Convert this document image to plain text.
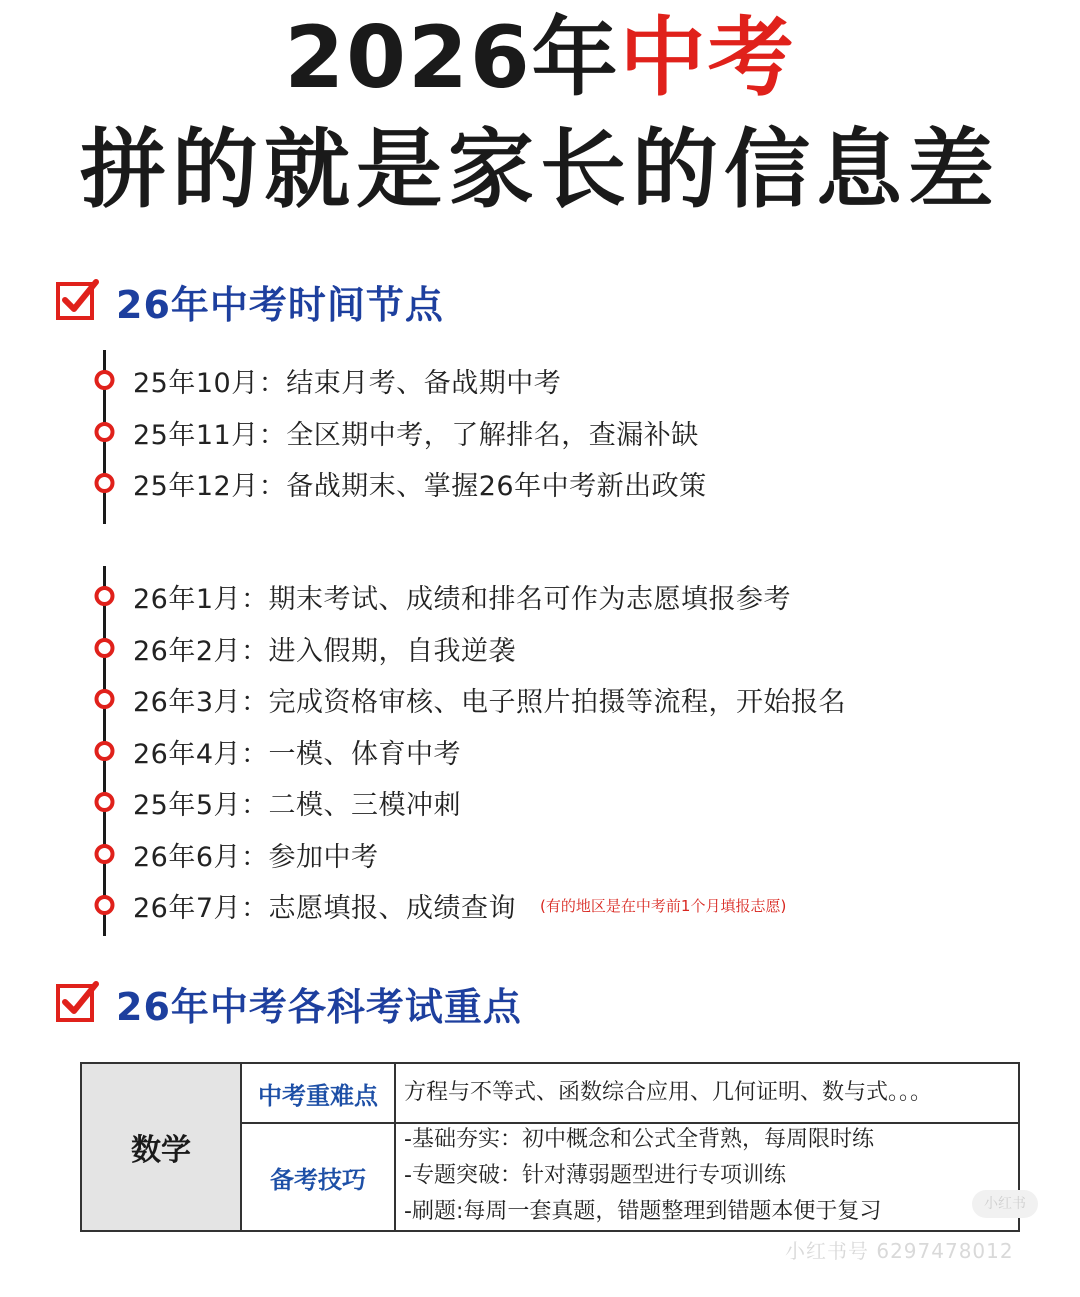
2026年中考
拼的就是家长的信息差
26年中考时间节点
25年10月：结束月考、备战期中考
25年11月：全区期中考，了解排名，查漏补缺
25年12月：备战期末、掌握26年中考新出政策
26年1月：期末考试、成绩和排名可作为志愿填报参考
26年2月：进入假期，自我逆袭
26年3月：完成资格审核、电子照片拍摄等流程，开始报名
26年4月：一模、体育中考
25年5月：二模、三模冲刺
26年6月：参加中考
26年7月：志愿填报、成绩查询 (有的地区是在中考前1个月填报志愿)
26年中考各科考试重点
数学
中考重难点	方程与不等式、函数综合应用、几何证明、数与式。。。
备考技巧
-基础夯实：初中概念和公式全背熟，每周限时练
-专题突破：针对薄弱题型进行专项训练
-刷题:每周一套真题，错题整理到错题本便于复习	小红书
小红书号 6297478012
